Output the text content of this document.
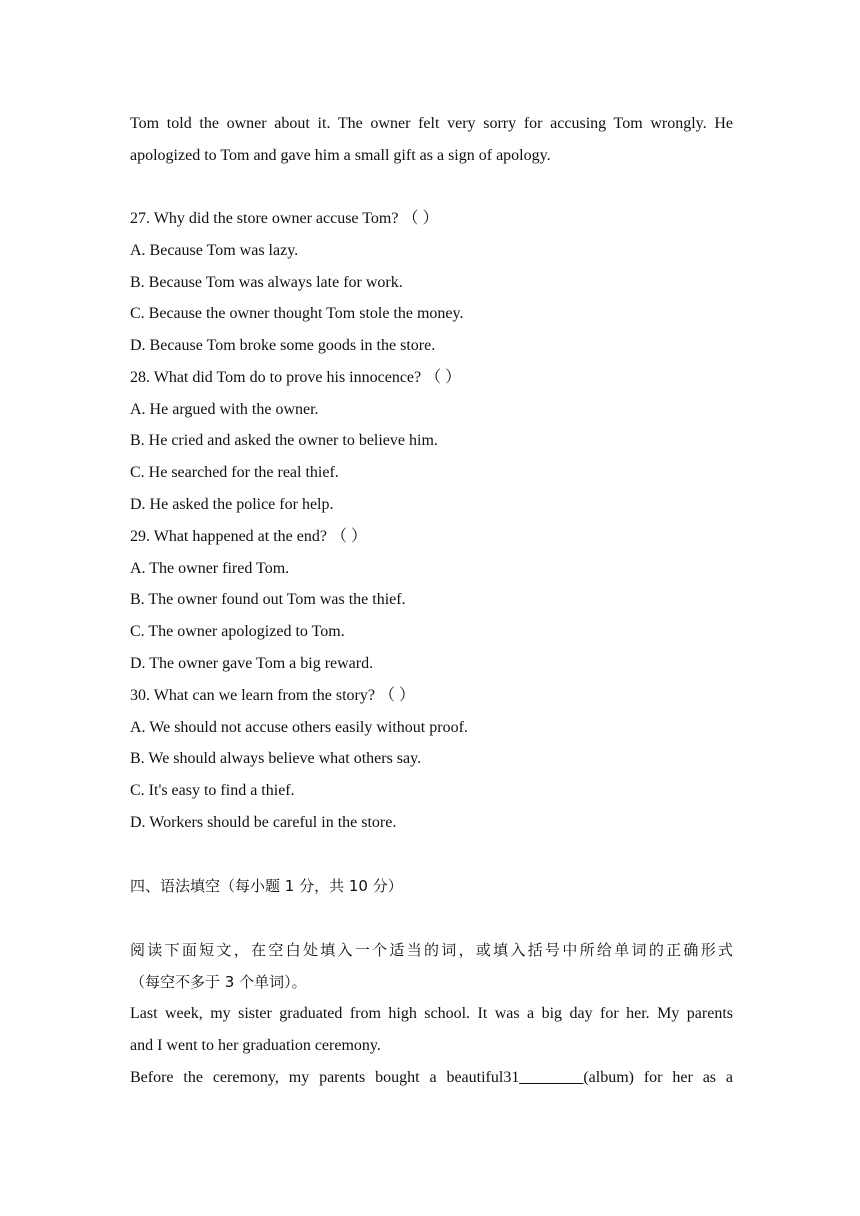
Tom told the owner about it. The owner felt very sorry for accusing Tom wrongly. He
apologized to Tom and gave him a small gift as a sign of apology.
27. Why did the store owner accuse Tom? （ ）
A. Because Tom was lazy.
B. Because Tom was always late for work.
C. Because the owner thought Tom stole the money.
D. Because Tom broke some goods in the store.
28. What did Tom do to prove his innocence? （ ）
A. He argued with the owner.
B. He cried and asked the owner to believe him.
C. He searched for the real thief.
D. He asked the police for help.
29. What happened at the end? （ ）
A. The owner fired Tom.
B. The owner found out Tom was the thief.
C. The owner apologized to Tom.
D. The owner gave Tom a big reward.
30. What can we learn from the story? （ ）
A. We should not accuse others easily without proof.
B. We should always believe what others say.
C. It's easy to find a thief.
D. Workers should be careful in the store.
四、语法填空（每小题 1 分，共 10 分）
阅读下面短文，在空白处填入一个适当的词，或填入括号中所给单词的正确形式
（每空不多于 3 个单词）。
Last week, my sister graduated from high school. It was a big day for her. My parents
and I went to her graduation ceremony.
Before the ceremony, my parents bought a beautiful31________(album) for her as a
